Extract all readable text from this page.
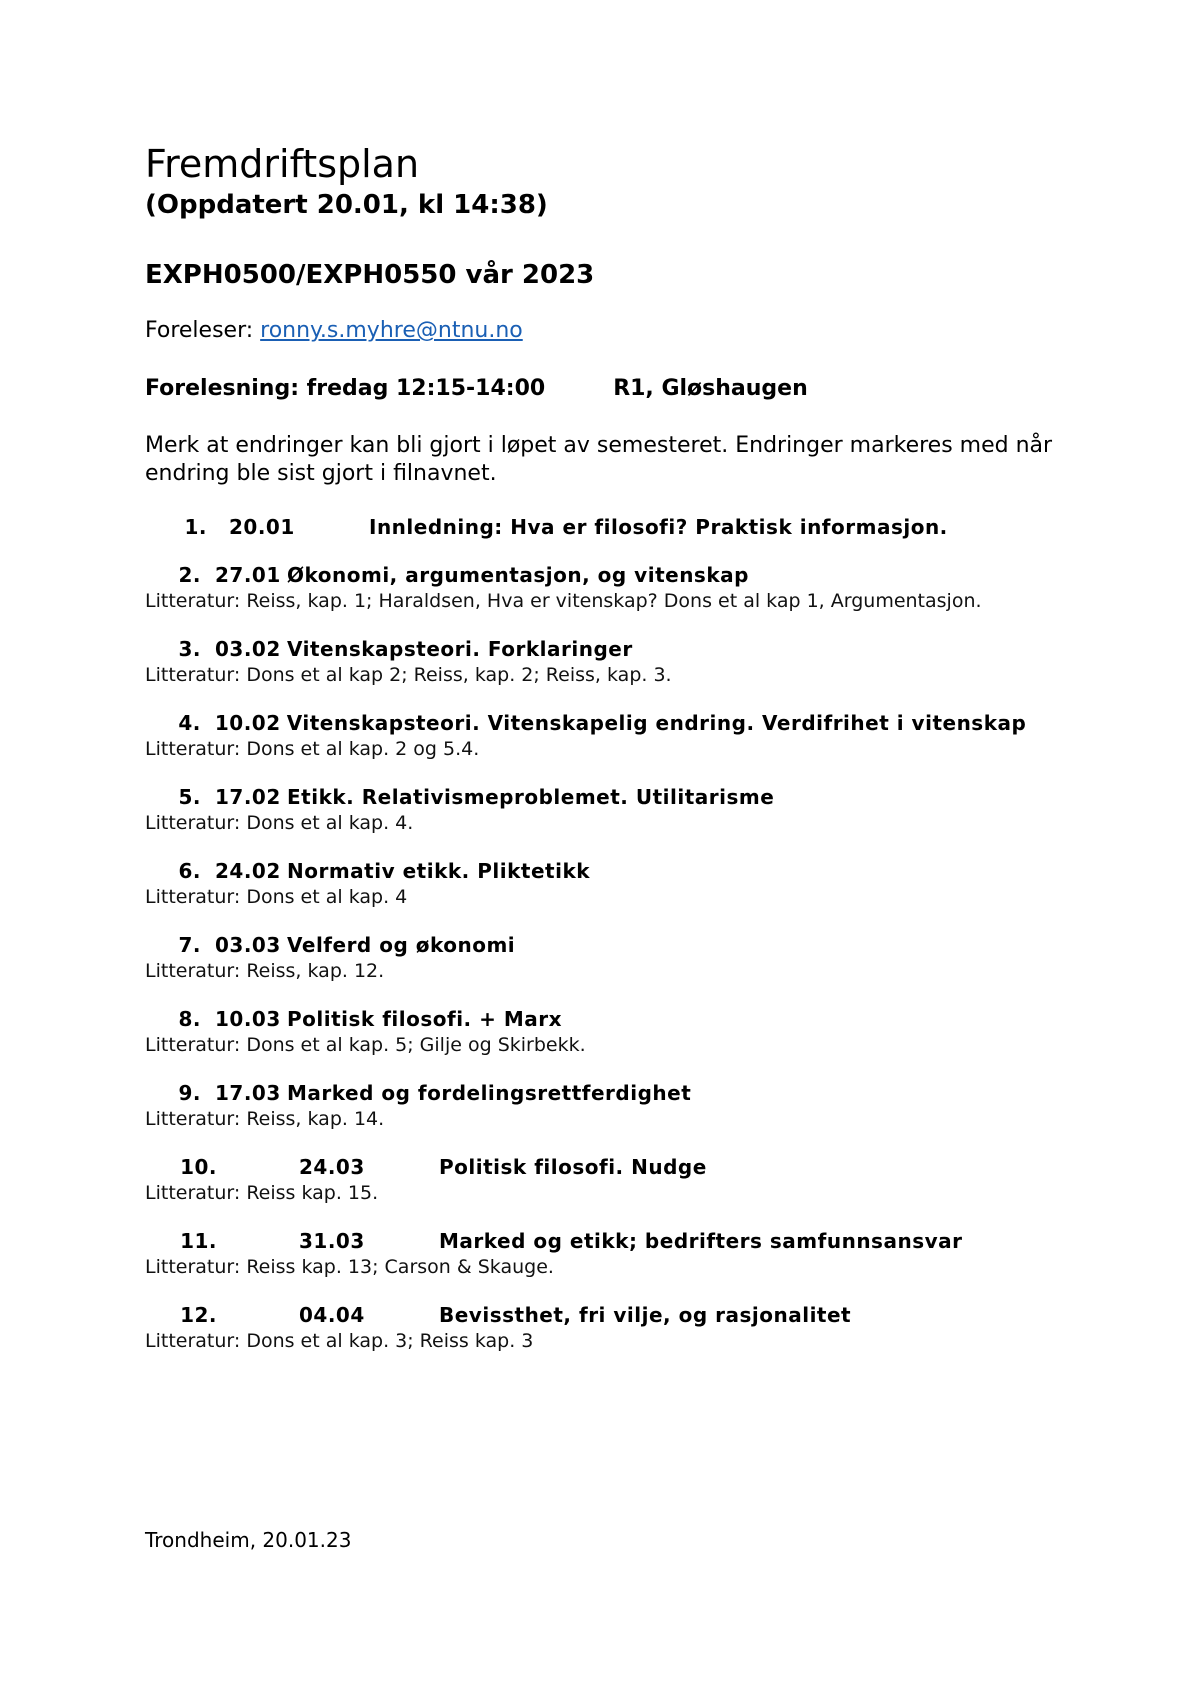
Fremdriftsplan
(Oppdatert 20.01, kl 14:38)
EXPH0500/EXPH0550 vår 2023
Foreleser: ronny.s.myhre@ntnu.no
Forelesning: fredag 12:15-14:00	R1, Gløshaugen
Merk at endringer kan bli gjort i løpet av semesteret. Endringer markeres med når endring ble sist gjort i filnavnet.
1. 20.01	Innledning: Hva er filosofi? Praktisk informasjon.
2. 27.01 Økonomi, argumentasjon, og vitenskap
Litteratur: Reiss, kap. 1; Haraldsen, Hva er vitenskap? Dons et al kap 1, Argumentasjon.
3. 03.02 Vitenskapsteori. Forklaringer
Litteratur: Dons et al kap 2; Reiss, kap. 2; Reiss, kap. 3.
4. 10.02 Vitenskapsteori. Vitenskapelig endring. Verdifrihet i vitenskap
Litteratur: Dons et al kap. 2 og 5.4.
5. 17.02 Etikk. Relativismeproblemet. Utilitarisme
Litteratur: Dons et al kap. 4.
6. 24.02 Normativ etikk. Pliktetikk
Litteratur: Dons et al kap. 4
7. 03.03 Velferd og økonomi
Litteratur: Reiss, kap. 12.
8. 10.03 Politisk filosofi. + Marx
Litteratur: Dons et al kap. 5; Gilje og Skirbekk.
9. 17.03 Marked og fordelingsrettferdighet
Litteratur: Reiss, kap. 14.
10.	24.03	Politisk filosofi. Nudge
Litteratur: Reiss kap. 15.
11.	31.03	Marked og etikk; bedrifters samfunnsansvar
Litteratur: Reiss kap. 13; Carson & Skauge.
12.	04.04	Bevissthet, fri vilje, og rasjonalitet
Litteratur: Dons et al kap. 3; Reiss kap. 3
Trondheim, 20.01.23
